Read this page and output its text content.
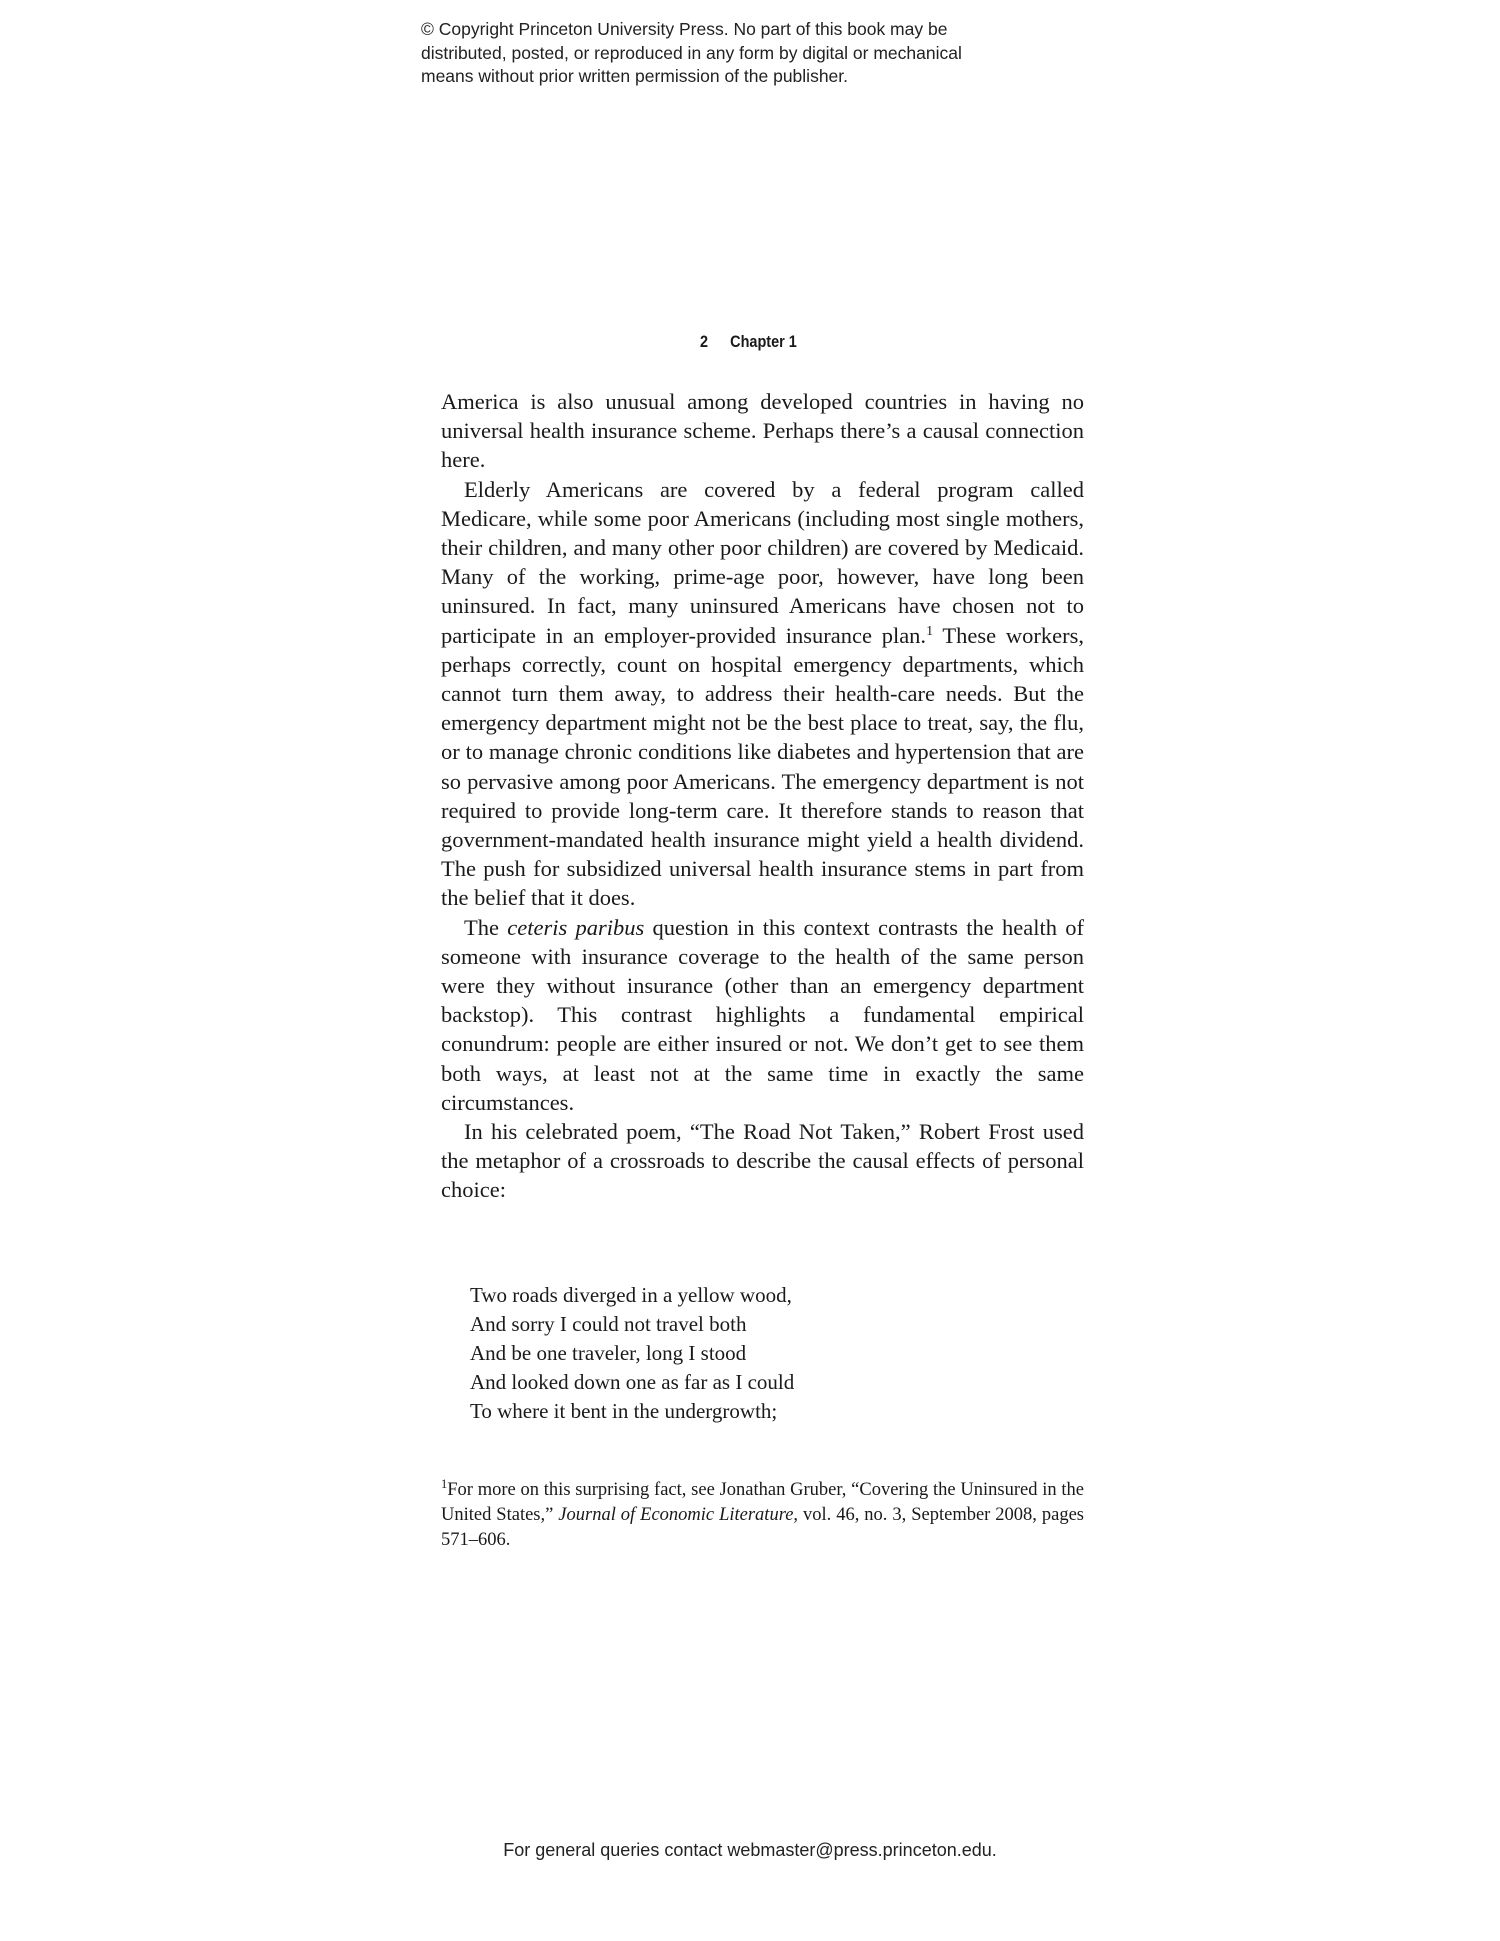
© Copyright Princeton University Press. No part of this book may be
distributed, posted, or reproduced in any form by digital or mechanical
means without prior written permission of the publisher.
2 Chapter 1

America is also unusual among developed countries in having no universal health insurance scheme. Perhaps there’s a causal connection here.

Elderly Americans are covered by a federal program called Medicare, while some poor Americans (including most single mothers, their children, and many other poor children) are covered by Medicaid. Many of the working, prime-age poor, however, have long been uninsured. In fact, many uninsured Americans have chosen not to participate in an employer-provided insurance plan.$^1$ These workers, perhaps correctly, count on hospital emergency departments, which cannot turn them away, to address their health-care needs. But the emergency department might not be the best place to treat, say, the flu, or to manage chronic conditions like diabetes and hypertension that are so pervasive among poor Americans. The emergency department is not required to provide long-term care. It therefore stands to reason that government-mandated health insurance might yield a health dividend. The push for subsidized universal health insurance stems in part from the belief that it does.

The ceteris paribus question in this context contrasts the health of someone with insurance coverage to the health of the same person were they without insurance (other than an emergency department backstop). This contrast highlights a fundamental empirical conundrum: people are either insured or not. We don’t get to see them both ways, at least not at the same time in exactly the same circumstances.

In his celebrated poem, “The Road Not Taken,” Robert Frost used the metaphor of a crossroads to describe the causal effects of personal choice:

Two roads diverged in a yellow wood,
And sorry I could not travel both
And be one traveler, long I stood
And looked down one as far as I could
To where it bent in the undergrowth;
$^1$For more on this surprising fact, see Jonathan Gruber, “Covering the Uninsured in the United States,” Journal of Economic Literature, vol. 46, no. 3, September 2008, pages 571–606.
For general queries contact webmaster@press.princeton.edu.
